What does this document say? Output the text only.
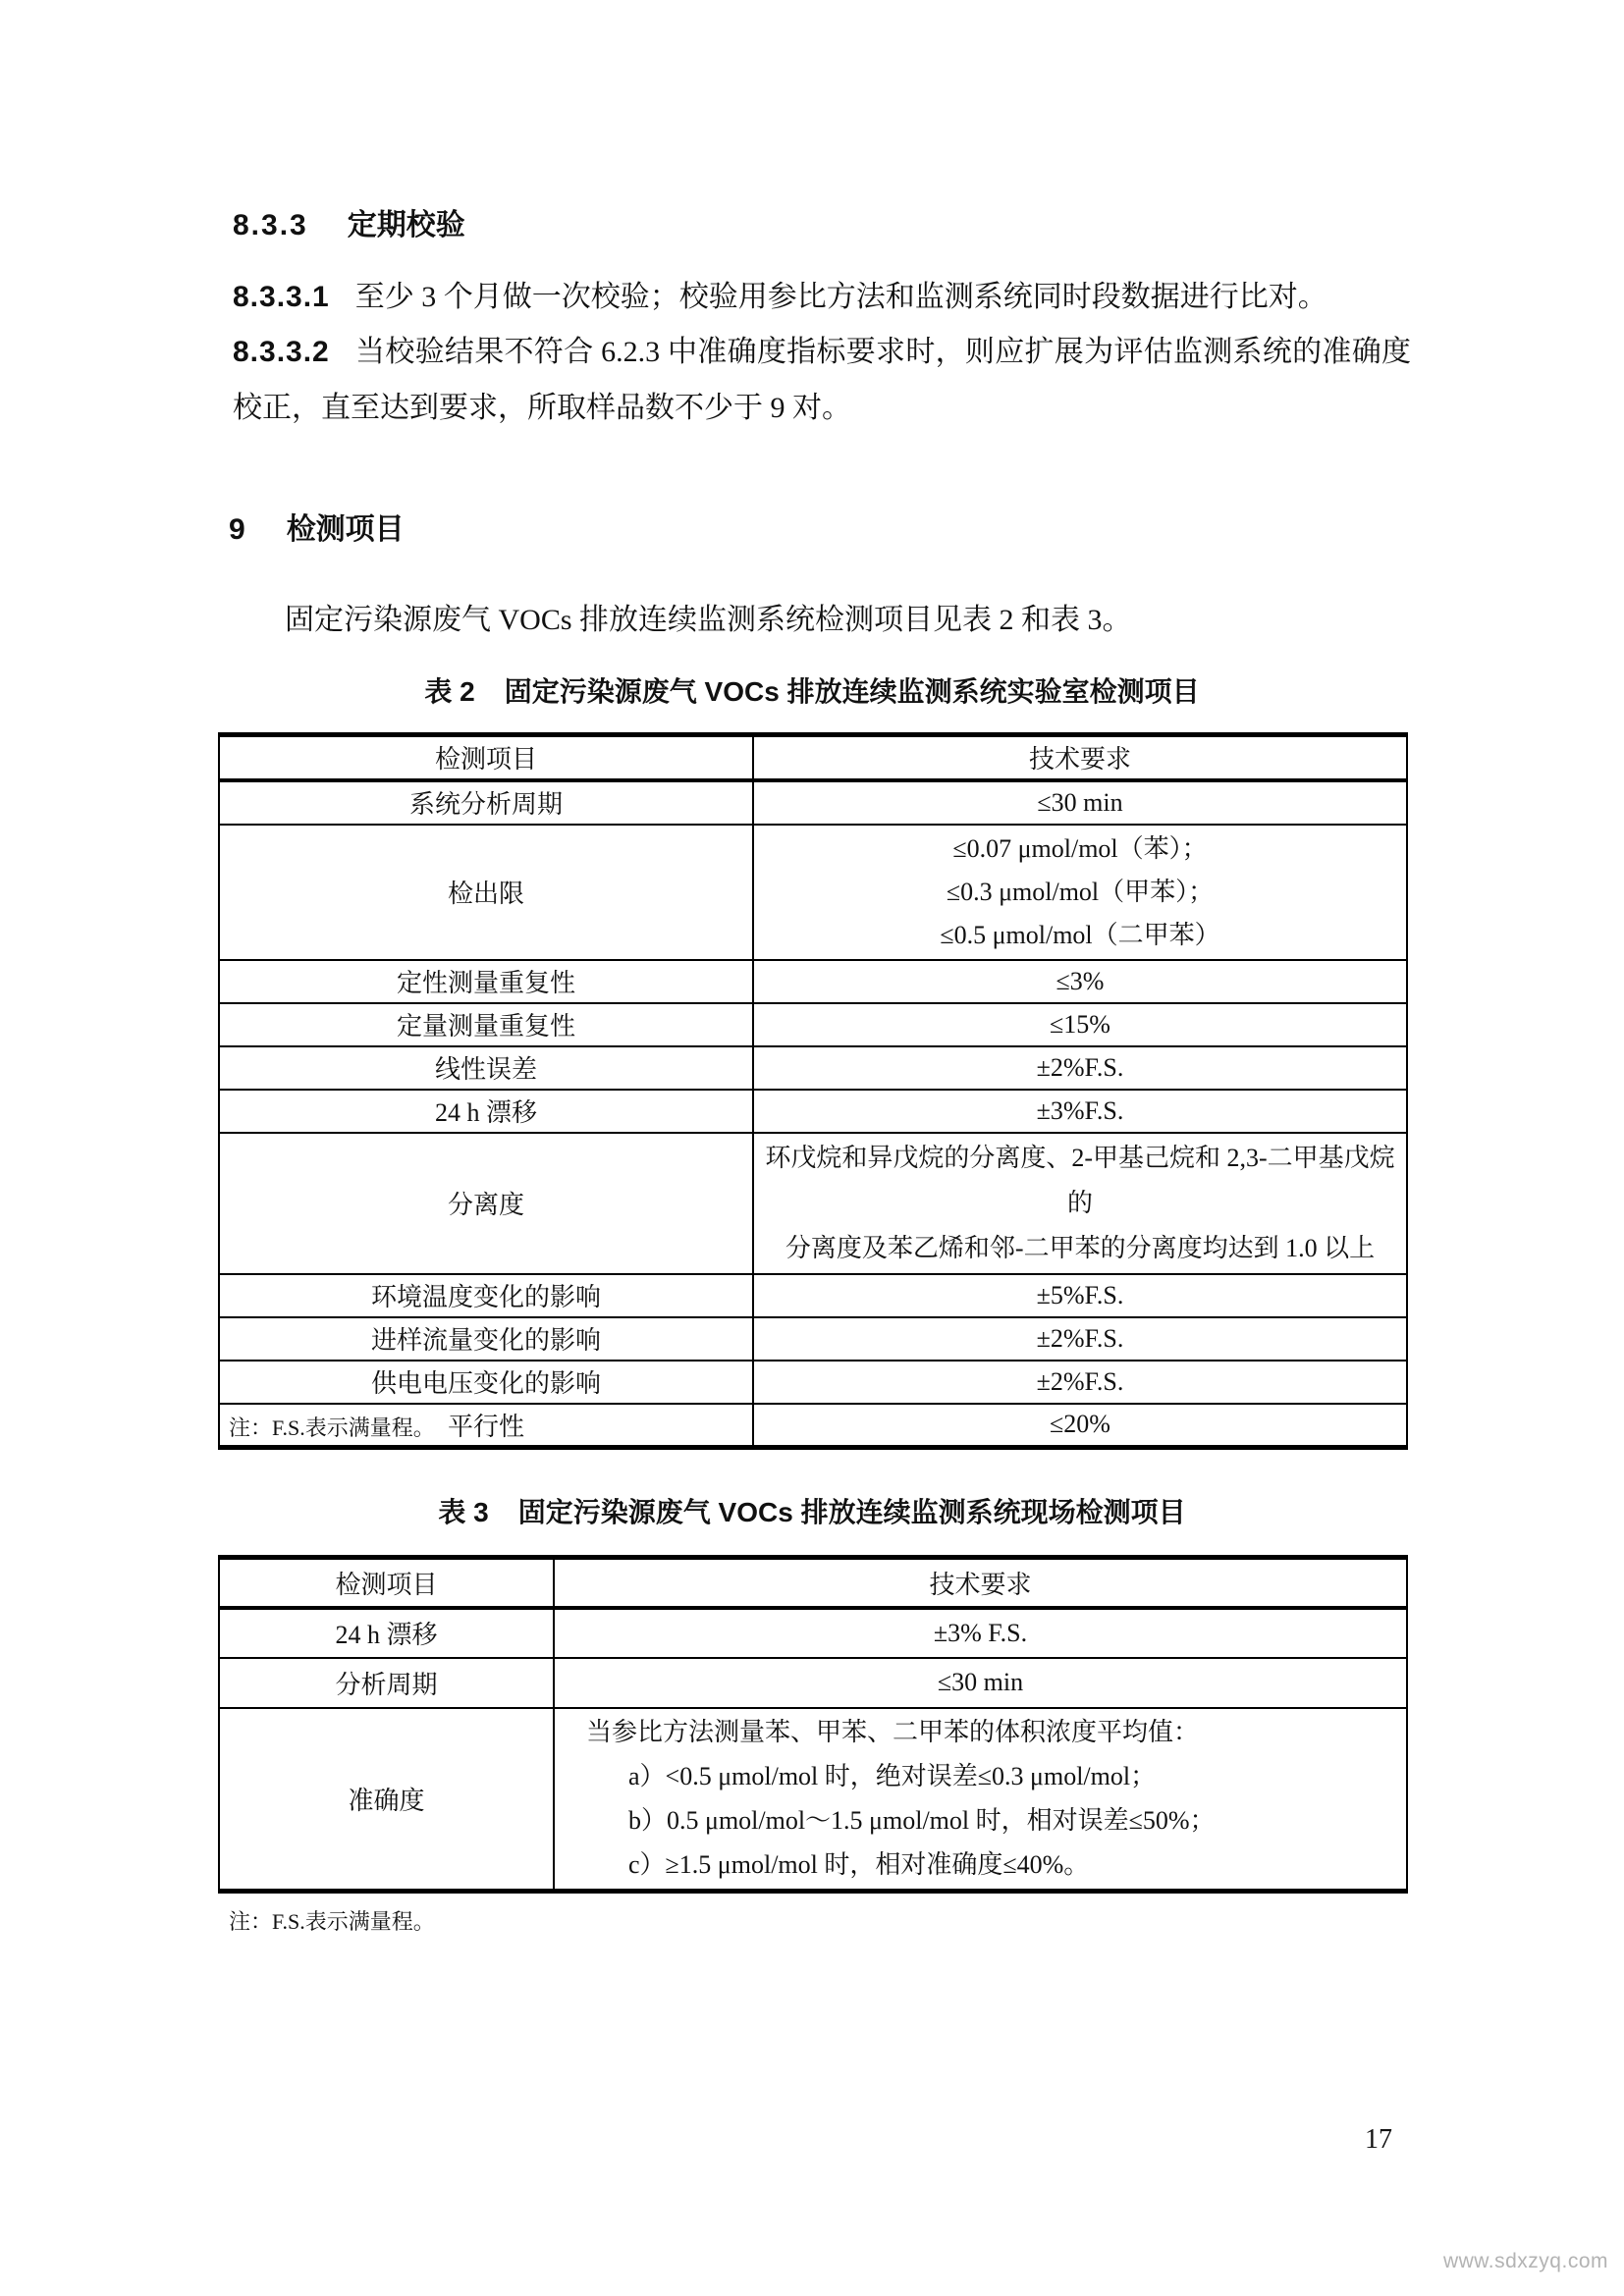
8.3.3 定期校验
8.3.3.1 至少 3 个月做一次校验；校验用参比方法和监测系统同时段数据进行比对。
8.3.3.2 当校验结果不符合 6.2.3 中准确度指标要求时，则应扩展为评估监测系统的准确度校正，直至达到要求，所取样品数不少于 9 对。
9 检测项目
固定污染源废气 VOCs 排放连续监测系统检测项目见表 2 和表 3。
表 2 固定污染源废气 VOCs 排放连续监测系统实验室检测项目
检测项目	技术要求
系统分析周期	≤30 min
检出限	≤0.07 μmol/mol（苯）；
≤0.3 μmol/mol（甲苯）；
≤0.5 μmol/mol（二甲苯）

定性测量重复性	≤3%
定量测量重复性	≤15%
线性误差	±2%F.S.
24 h 漂移	±3%F.S.
分离度	环戊烷和异戊烷的分离度、2-甲基己烷和 2,3-二甲基戊烷的
分离度及苯乙烯和邻-二甲苯的分离度均达到 1.0 以上

环境温度变化的影响	±5%F.S.
进样流量变化的影响	±2%F.S.
供电电压变化的影响	±2%F.S.
平行性	≤20%
注：F.S.表示满量程。
表 3 固定污染源废气 VOCs 排放连续监测系统现场检测项目
检测项目	技术要求
24 h 漂移	±3% F.S.
分析周期	≤30 min
准确度	当参比方法测量苯、甲苯、二甲苯的体积浓度平均值：
a）<0.5 μmol/mol 时，绝对误差≤0.3 μmol/mol；
b）0.5 μmol/mol～1.5 μmol/mol 时，相对误差≤50%；
c）≥1.5 μmol/mol 时，相对准确度≤40%。
注：F.S.表示满量程。
17
www.sdxzyq.com
